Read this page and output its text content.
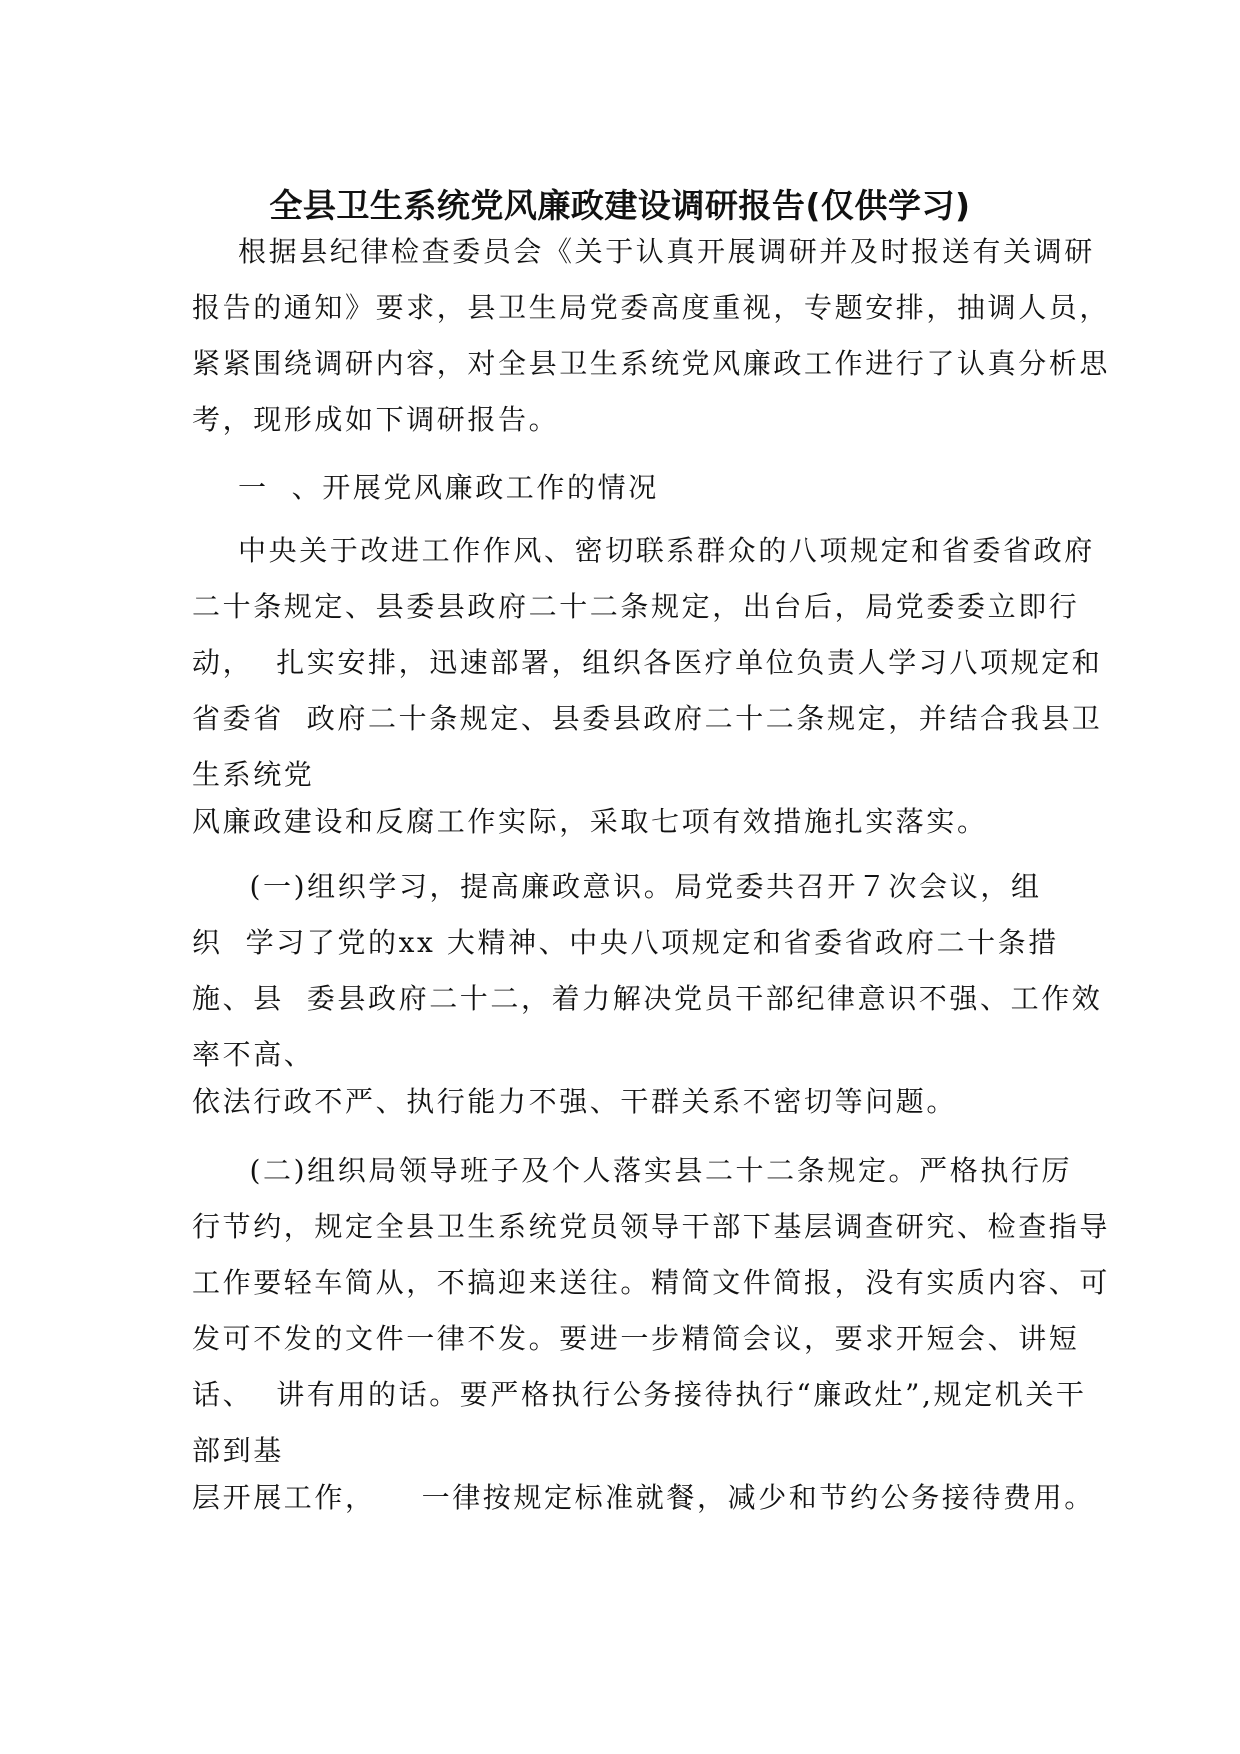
全县卫生系统党风廉政建设调研报告(仅供学习)
根据县纪律检查委员会《关于认真开展调研并及时报送有关调研
报告的通知》要求，县卫生局党委高度重视，专题安排，抽调人员，
紧紧围绕调研内容，对全县卫生系统党风廉政工作进行了认真分析思
考，现形成如下调研报告。
一  、开展党风廉政工作的情况
中央关于改进工作作风、密切联系群众的八项规定和省委省政府
二十条规定、县委县政府二十二条规定，出台后，局党委委立即行
动，  扎实安排，迅速部署，组织各医疗单位负责人学习八项规定和
省委省  政府二十条规定、县委县政府二十二条规定，并结合我县卫
生系统党
风廉政建设和反腐工作实际，采取七项有效措施扎实落实。
(一)组织学习，提高廉政意识。局党委共召开７次会议，组
织  学习了党的xx 大精神、中央八项规定和省委省政府二十条措
施、县  委县政府二十二，着力解决党员干部纪律意识不强、工作效
率不高、
依法行政不严、执行能力不强、干群关系不密切等问题。
(二)组织局领导班子及个人落实县二十二条规定。严格执行厉
行节约，规定全县卫生系统党员领导干部下基层调查研究、检查指导
工作要轻车简从，不搞迎来送往。精简文件简报，没有实质内容、可
发可不发的文件一律不发。要进一步精简会议，要求开短会、讲短
话、  讲有用的话。要严格执行公务接待执行“廉政灶”,规定机关干
部到基
层开展工作，    一律按规定标准就餐，减少和节约公务接待费用。
